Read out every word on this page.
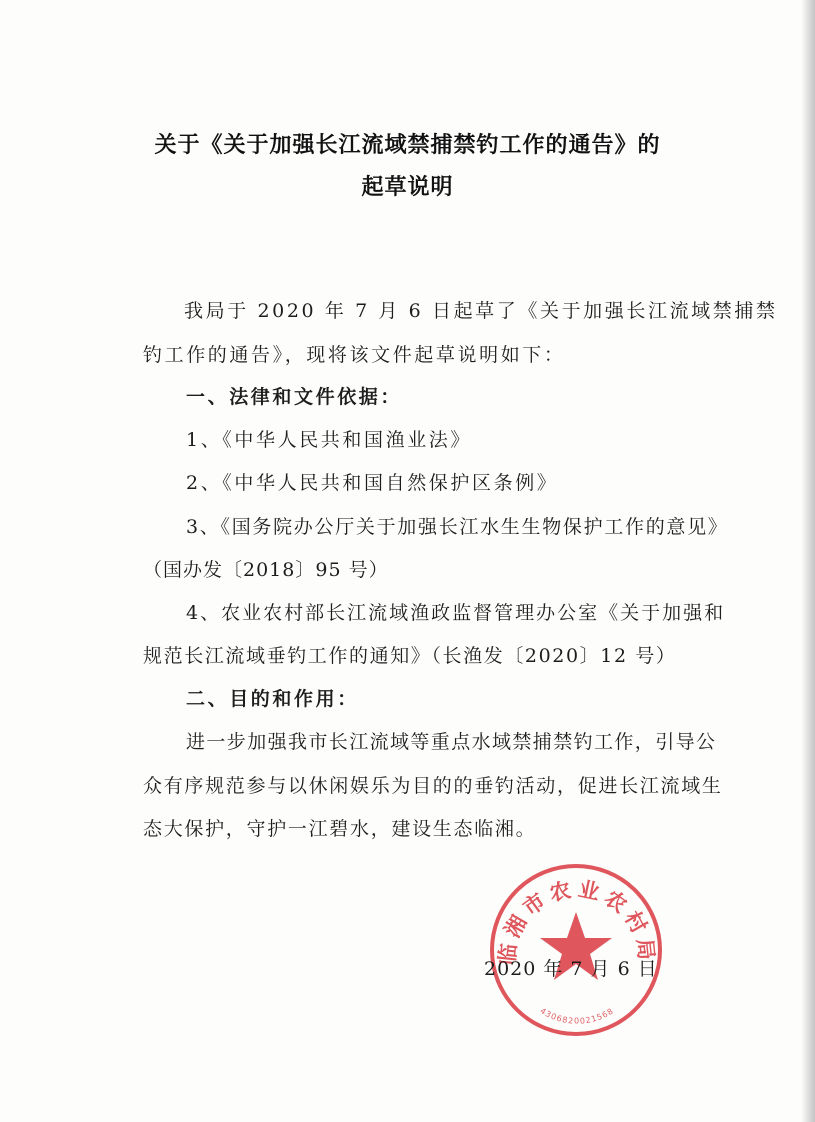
关于《关于加强长江流域禁捕禁钓工作的通告》的
起草说明
我局于 2020 年 7 月 6 日起草了《关于加强长江流域禁捕禁
钓工作的通告》，现将该文件起草说明如下：
一、法律和文件依据：
1、《中华人民共和国渔业法》
2、《中华人民共和国自然保护区条例》
3、《国务院办公厅关于加强长江水生生物保护工作的意见》
（国办发〔2018〕95 号）
4、农业农村部长江流域渔政监督管理办公室《关于加强和
规范长江流域垂钓工作的通知》（长渔发〔2020〕12 号）
二、目的和作用：
进一步加强我市长江流域等重点水域禁捕禁钓工作，引导公
众有序规范参与以休闲娱乐为目的的垂钓活动，促进长江流域生
态大保护，守护一江碧水，建设生态临湘。
临湘市农业农村局
4306820021568
2020 年 7 月 6 日
